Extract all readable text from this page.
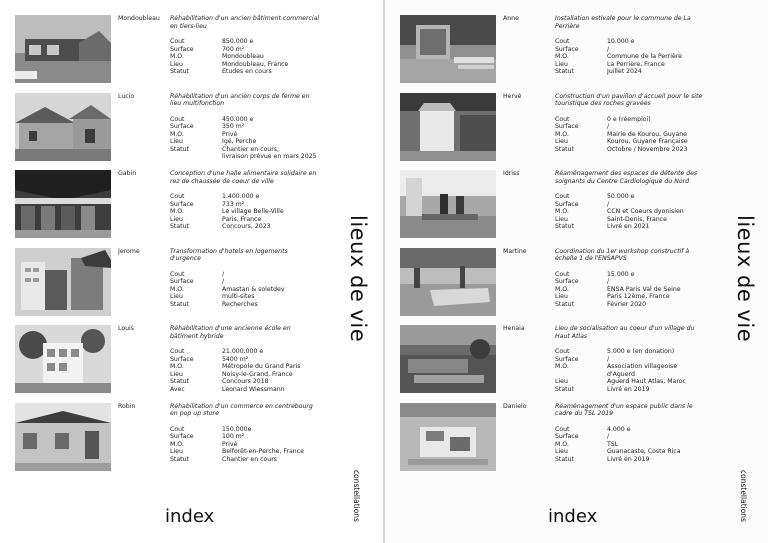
Mondoubleau Réhabilitation d'un ancien bâtiment commercial en tiers-lieu
Cout	850.000 e
Surface	700 m²
M.O.	Mondoubleau
Lieu	Mondoubleau, France
Statut	Etudes en cours
Lucio	Réhabilitation d'un ancien corps de ferme en lieu multifonction
Cout	450.000 e
Surface	350 m²
M.O.	Privé
Lieu	Igé, Perche
Statut	Chantier en cours,
livraison prévue en mars 2025
Gabin	Conception d'une halle alimentaire solidaire en rez de chaussée de coeur de ville
Cout	1.400.000 e
Surface	733 m²
M.O.	Le village Belle-Ville
Lieu	Paris, France
Statut	Concours, 2023
Jerome	Transformation d'hotels en logements d'urgence
Cout	/
Surface	/
M.O.	Amastan & soletdev
Lieu	multi-sites
Statut	Recherches
Louis	Réhabilitation d'une ancienne école en bâtiment hybride
Cout	21.000.000 e
Surface	5400 m²
M.O.	Métropole du Grand Paris
Lieu	Noisy-le-Grand, France
Statut	Concours 2018
Avec	Leonard Wiessmann
Robin	Réhabilitation d'un commerce en centrebourg en pop up store
Cout	150.000e
Surface	100 m²
M.O.	Privé
Lieu	Belforêt-en-Perche, France
Statut	Chantier en cours
lieux de vie
constellations
index
Anne	Installation estivale pour le commune de La Perrière
Cout	10.000 e
Surface	/
M.O.	Commune de la Perrière
Lieu	La Perrière, France
Statut	Juillet 2024
Hervé	Construction d'un pavillon d'accueil pour le site touristique des roches gravées
Cout	0 e (réemploi)
Surface	/
M.O.	Mairie de Kourou, Guyane
Lieu	Kourou, Guyane Française
Statut	Octobre / Novembre 2023
Idriss	Réaménagement des espaces de détente des soignants du Centre Cardiologique du Nord
Cout	50.000 e
Surface	/
M.O.	CCN et Coeurs dyonisien
Lieu	Saint-Denis, France
Statut	Livré en 2021
Martine	Coordination du 1er workshop constructif à échelle 1 de l'ENSAPVS
Cout	15.000 e
Surface	/
M.O.	ENSA Paris Val de Seine
Lieu	Paris 12ème, France
Statut	Février 2020
Henaia	Lieu de socialisation au coeur d'un village du Haut Atlas
Cout	5.000 e (en donation)
Surface	/
M.O.	Association villageoise
d'Aguerd
Lieu	Aguerd Haut Atlas, Maroc
Statut	Livré en 2019
Danielo	Réaménagement d'un espace public dans le cadre du TSL 2019
Cout	4.000 e
Surface	/
M.O.	TSL
Lieu	Guanacaste, Costa Rica
Statut	Livré en 2019
lieux de vie
constellations
index
